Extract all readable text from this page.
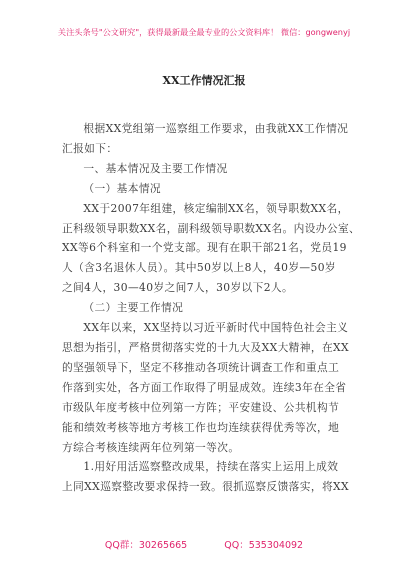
关注头条号"公文研究"，获得最新最全最专业的公文资料库！ 微信：gongwenyj
XX工作情况汇报
根据XX党组第一巡察组工作要求，由我就XX工作情况
汇报如下：
一、基本情况及主要工作情况
（一）基本情况
XX于2007年组建，核定编制XX名，领导职数XX名，
正科级领导职数XX名，副科级领导职数XX名。内设办公室、
XX等6个科室和一个党支部。现有在职干部21名，党员19
人（含3名退休人员）。其中50岁以上8人，40岁—50岁
之间4人，30—40岁之间7人，30岁以下2人。
（二）主要工作情况
XX年以来，XX坚持以习近平新时代中国特色社会主义
思想为指引，严格贯彻落实党的十九大及XX大精神，在XX
的坚强领导下，坚定不移推动各项统计调查工作和重点工
作落到实处，各方面工作取得了明显成效。连续3年在全省
市级队年度考核中位列第一方阵；平安建设、公共机构节
能和绩效考核等地方考核工作也均连续获得优秀等次，地
方综合考核连续两年位列第一等次。
1.用好用活巡察整改成果，持续在落实上运用上成效
上同XX巡察整改要求保持一致。很抓巡察反馈落实，将XX
QQ群：30265665	QQ：535304092
